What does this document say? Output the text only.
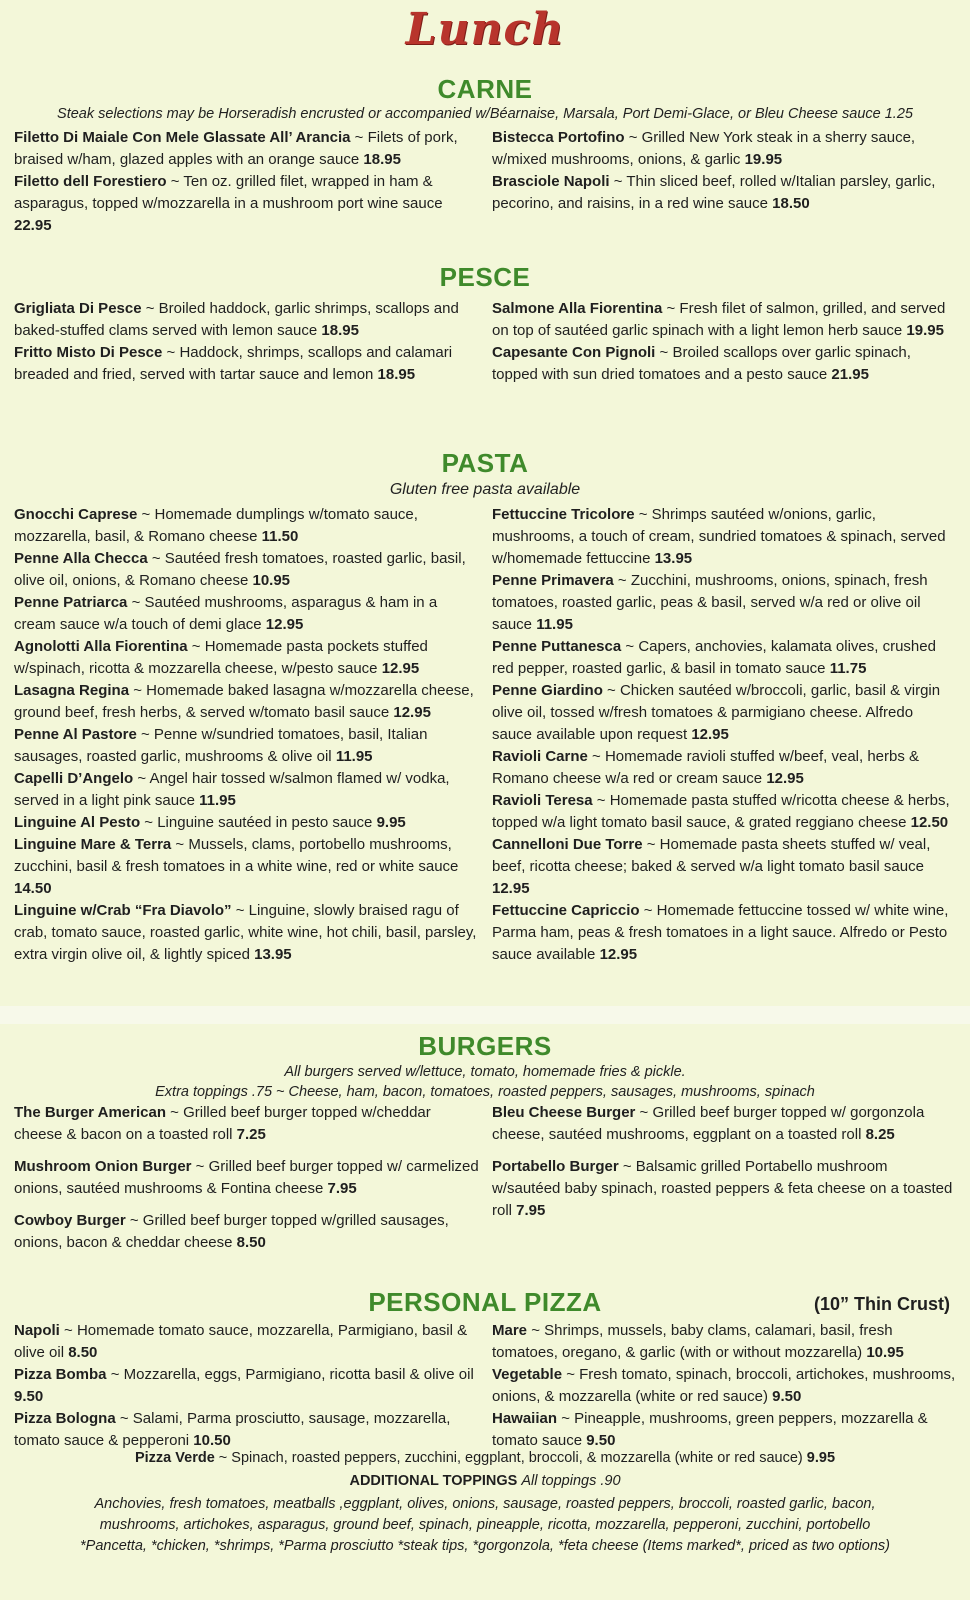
Lunch
CARNE
Steak selections may be Horseradish encrusted or accompanied w/Béarnaise, Marsala, Port Demi-Glace, or Bleu Cheese sauce 1.25

Filetto Di Maiale Con Mele Glassate All’ Arancia ~ Filets of pork, braised w/ham, glazed apples with an orange sauce 18.95

Filetto dell Forestiero ~ Ten oz. grilled filet, wrapped in ham & asparagus, topped w/mozzarella in a mushroom port wine sauce 22.95

Bistecca Portofino ~ Grilled New York steak in a sherry sauce, w/mixed mushrooms, onions, & garlic 19.95

Brasciole Napoli ~ Thin sliced beef, rolled w/Italian parsley, garlic, pecorino, and raisins, in a red wine sauce 18.50

PESCE

Grigliata Di Pesce ~ Broiled haddock, garlic shrimps, scallops and baked-stuffed clams served with lemon sauce 18.95

Fritto Misto Di Pesce ~ Haddock, shrimps, scallops and calamari breaded and fried, served with tartar sauce and lemon 18.95

Salmone Alla Fiorentina ~ Fresh filet of salmon, grilled, and served on top of sautéed garlic spinach with a light lemon herb sauce 19.95

Capesante Con Pignoli ~ Broiled scallops over garlic spinach, topped with sun dried tomatoes and a pesto sauce 21.95

PASTA
Gluten free pasta available

Gnocchi Caprese ~ Homemade dumplings w/tomato sauce, mozzarella, basil, & Romano cheese 11.50

Penne Alla Checca ~ Sautéed fresh tomatoes, roasted garlic, basil, olive oil, onions, & Romano cheese 10.95

Penne Patriarca ~ Sautéed mushrooms, asparagus & ham in a cream sauce w/a touch of demi glace 12.95

Agnolotti Alla Fiorentina ~ Homemade pasta pockets stuffed w/spinach, ricotta & mozzarella cheese, w/pesto sauce 12.95

Lasagna Regina ~ Homemade baked lasagna w/mozzarella cheese, ground beef, fresh herbs, & served w/tomato basil sauce 12.95

Penne Al Pastore ~ Penne w/sundried tomatoes, basil, Italian sausages, roasted garlic, mushrooms & olive oil 11.95

Capelli D’Angelo ~ Angel hair tossed w/salmon flamed w/ vodka, served in a light pink sauce 11.95

Linguine Al Pesto ~ Linguine sautéed in pesto sauce 9.95

Linguine Mare & Terra ~ Mussels, clams, portobello mushrooms, zucchini, basil & fresh tomatoes in a white wine, red or white sauce 14.50

Linguine w/Crab “Fra Diavolo” ~ Linguine, slowly braised ragu of crab, tomato sauce, roasted garlic, white wine, hot chili, basil, parsley, extra virgin olive oil, & lightly spiced 13.95

Fettuccine Tricolore ~ Shrimps sautéed w/onions, garlic, mushrooms, a touch of cream, sundried tomatoes & spinach, served w/homemade fettuccine 13.95

Penne Primavera ~ Zucchini, mushrooms, onions, spinach, fresh tomatoes, roasted garlic, peas & basil, served w/a red or olive oil sauce 11.95

Penne Puttanesca ~ Capers, anchovies, kalamata olives, crushed red pepper, roasted garlic, & basil in tomato sauce 11.75

Penne Giardino ~ Chicken sautéed w/broccoli, garlic, basil & virgin olive oil, tossed w/fresh tomatoes & parmigiano cheese. Alfredo sauce available upon request 12.95

Ravioli Carne ~ Homemade ravioli stuffed w/beef, veal, herbs & Romano cheese w/a red or cream sauce 12.95

Ravioli Teresa ~ Homemade pasta stuffed w/ricotta cheese & herbs, topped w/a light tomato basil sauce, & grated reggiano cheese 12.50

Cannelloni Due Torre ~ Homemade pasta sheets stuffed w/ veal, beef, ricotta cheese; baked & served w/a light tomato basil sauce 12.95

Fettuccine Capriccio ~ Homemade fettuccine tossed w/ white wine, Parma ham, peas & fresh tomatoes in a light sauce. Alfredo or Pesto sauce available 12.95

BURGERS
All burgers served w/lettuce, tomato, homemade fries & pickle.
Extra toppings .75 ~ Cheese, ham, bacon, tomatoes, roasted peppers, sausages, mushrooms, spinach

The Burger American ~ Grilled beef burger topped w/cheddar cheese & bacon on a toasted roll 7.25

Mushroom Onion Burger ~ Grilled beef burger topped w/ carmelized onions, sautéed mushrooms & Fontina cheese 7.95

Cowboy Burger ~ Grilled beef burger topped w/grilled sausages, onions, bacon & cheddar cheese 8.50

Bleu Cheese Burger ~ Grilled beef burger topped w/ gorgonzola cheese, sautéed mushrooms, eggplant on a toasted roll 8.25

Portabello Burger ~ Balsamic grilled Portabello mushroom w/sautéed baby spinach, roasted peppers & feta cheese on a toasted roll 7.95

PERSONAL PIZZA	(10” Thin Crust)

Napoli ~ Homemade tomato sauce, mozzarella, Parmigiano, basil & olive oil 8.50

Pizza Bomba ~ Mozzarella, eggs, Parmigiano, ricotta basil & olive oil 9.50

Pizza Bologna ~ Salami, Parma prosciutto, sausage, mozzarella, tomato sauce & pepperoni 10.50

Mare ~ Shrimps, mussels, baby clams, calamari, basil, fresh tomatoes, oregano, & garlic (with or without mozzarella) 10.95

Vegetable ~ Fresh tomato, spinach, broccoli, artichokes, mushrooms, onions, & mozzarella (white or red sauce) 9.50

Hawaiian ~ Pineapple, mushrooms, green peppers, mozzarella & tomato sauce 9.50

Pizza Verde ~ Spinach, roasted peppers, zucchini, eggplant, broccoli, & mozzarella (white or red sauce) 9.95
ADDITIONAL TOPPINGS All toppings .90
Anchovies, fresh tomatoes, meatballs ,eggplant, olives, onions, sausage, roasted peppers, broccoli, roasted garlic, bacon,
mushrooms, artichokes, asparagus, ground beef, spinach, pineapple, ricotta, mozzarella, pepperoni, zucchini, portobello
*Pancetta, *chicken, *shrimps, *Parma prosciutto *steak tips, *gorgonzola, *feta cheese (Items marked*, priced as two options)
